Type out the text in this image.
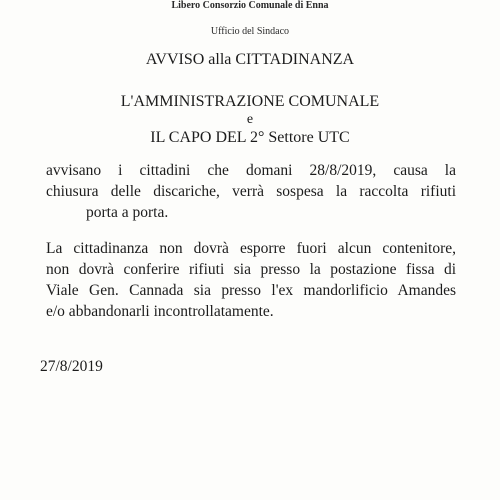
Libero Consorzio Comunale di Enna
Ufficio del Sindaco
AVVISO alla CITTADINANZA
L'AMMINISTRAZIONE COMUNALE
e
IL CAPO DEL 2° Settore UTC
avvisano i cittadini che domani 28/8/2019, causa la
chiusura delle discariche, verrà sospesa la raccolta rifiuti
porta a porta.
La cittadinanza non dovrà esporre fuori alcun contenitore,
non dovrà conferire rifiuti sia presso la postazione fissa di
Viale Gen. Cannada sia presso l'ex mandorlificio Amandes
e/o abbandonarli incontrollatamente.
27/8/2019
